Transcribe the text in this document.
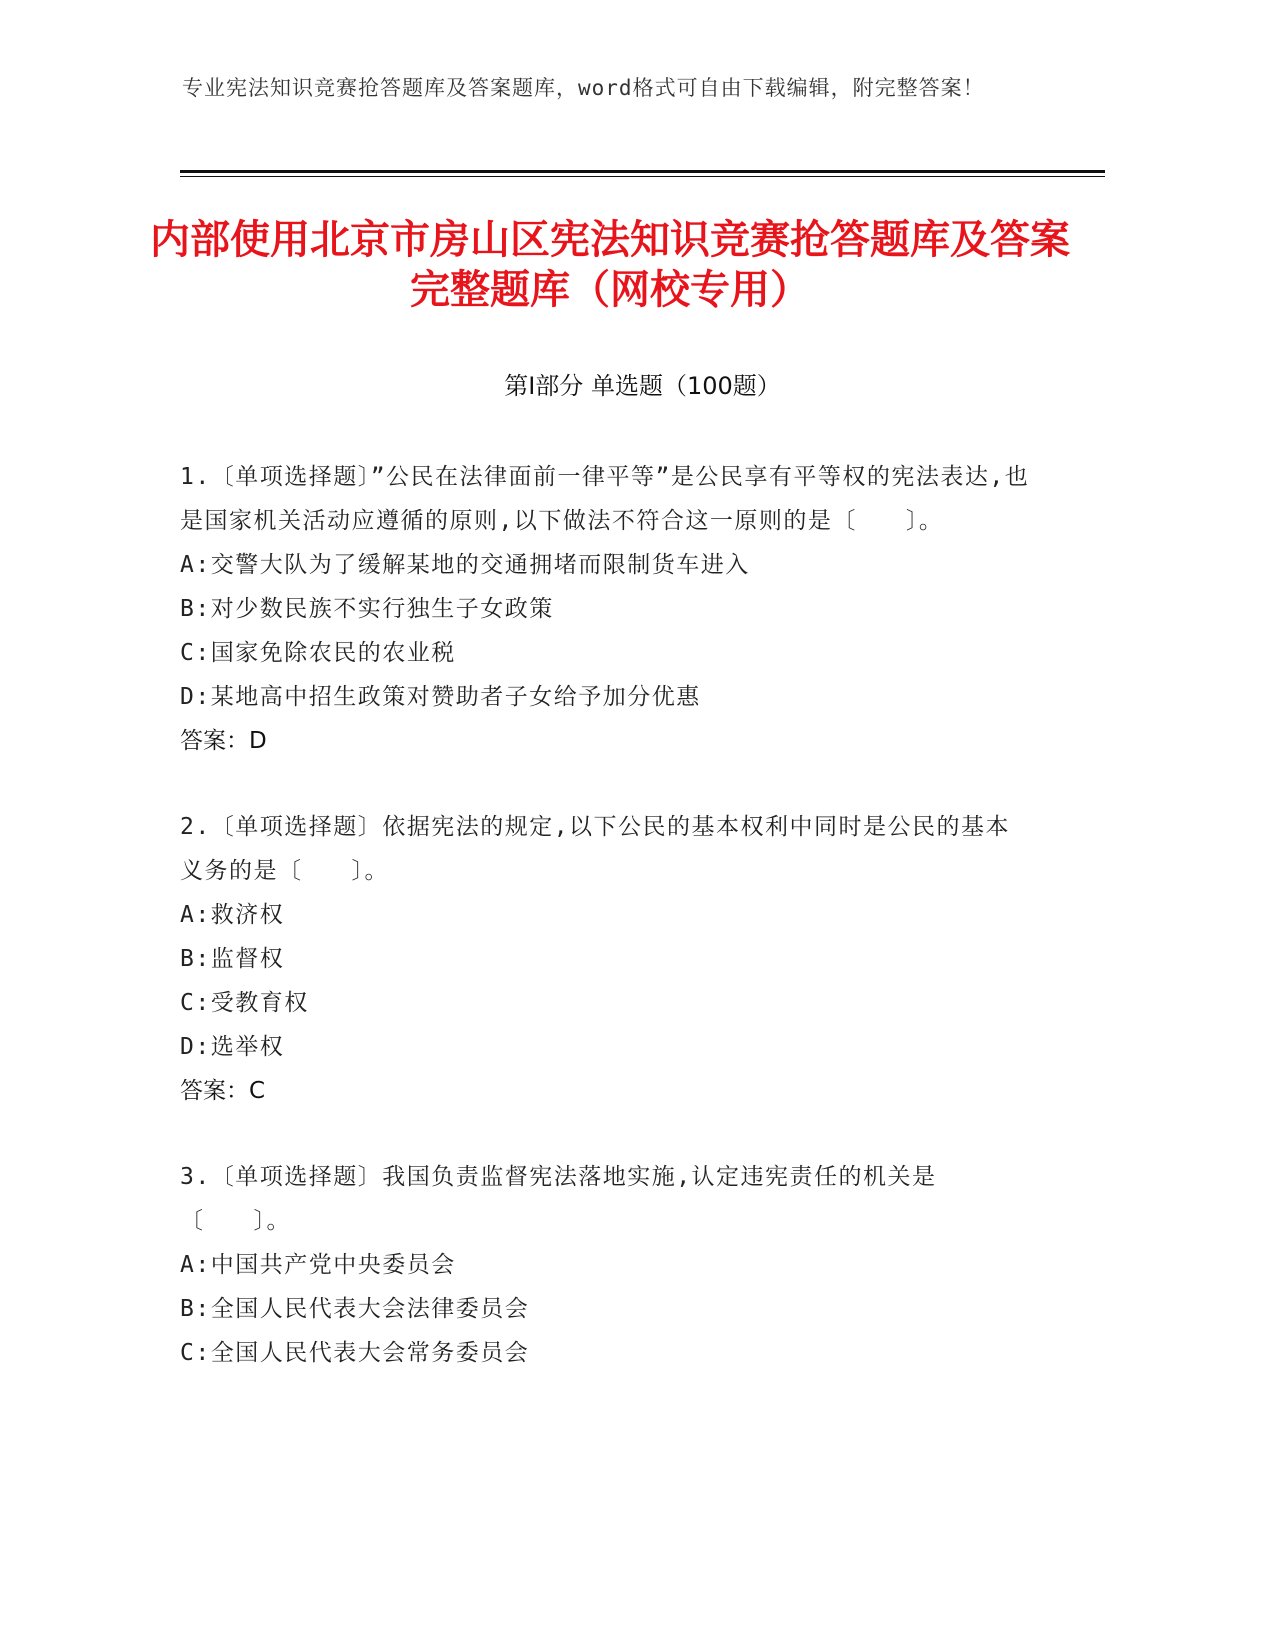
专业宪法知识竞赛抢答题库及答案题库，word格式可自由下载编辑，附完整答案！
内部使用北京市房山区宪法知识竞赛抢答题库及答案完整题库（网校专用）
第Ⅰ部分 单选题（100题）

1.〔单项选择题〕”公民在法律面前一律平等”是公民享有平等权的宪法表达,也是国家机关活动应遵循的原则,以下做法不符合这一原则的是〔　　〕。

A:交警大队为了缓解某地的交通拥堵而限制货车进入

B:对少数民族不实行独生子女政策

C:国家免除农民的农业税

D:某地高中招生政策对赞助者子女给予加分优惠

答案：D

2.〔单项选择题〕依据宪法的规定,以下公民的基本权利中同时是公民的基本义务的是〔　　〕。

A:救济权

B:监督权

C:受教育权

D:选举权

答案：C

3.〔单项选择题〕我国负责监督宪法落地实施,认定违宪责任的机关是〔　　〕。

A:中国共产党中央委员会

B:全国人民代表大会法律委员会

C:全国人民代表大会常务委员会
